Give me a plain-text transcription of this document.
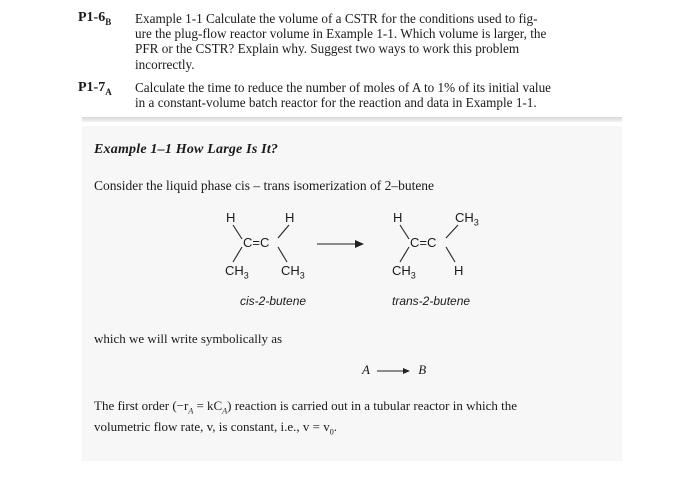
$P1-6_B$ Example 1-1 Calculate the volume of a CSTR for the conditions used to fig-
ure the plug-flow reactor volume in Example 1-1. Which volume is larger, the
PFR or the CSTR? Explain why. Suggest two ways to work this problem
incorrectly.
$P1-7_A$ Calculate the time to reduce the number of moles of A to 1% of its initial value
in a constant-volume batch reactor for the reaction and data in Example 1-1.
Example 1–1 How Large Is It?
Consider the liquid phase cis – trans isomerization of 2–butene
H	H
C=C
$CH_3$ $CH_3$
cis-2-butene
H	$CH_3$
C=C
$CH_3$	H
trans-2-butene
which we will write symbolically as
A → B
The first order $(-r_A = kC_A)$ reaction is carried out in a tubular reactor in which the
volumetric flow rate, v, is constant, i.e., $v = v_0$.
